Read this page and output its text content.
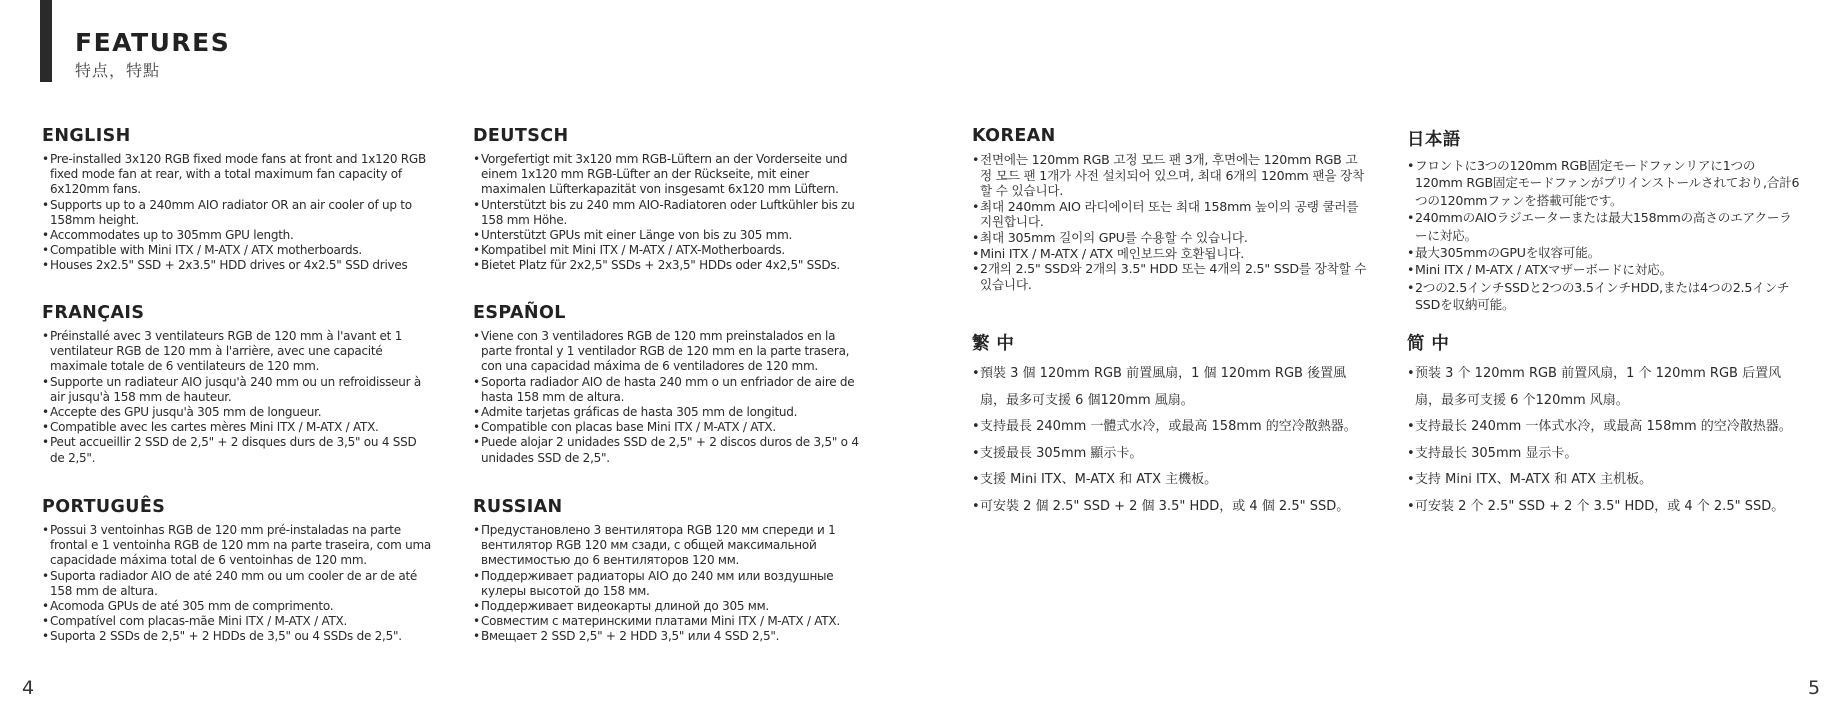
FEATURES
特点，特點
ENGLISH
• Pre-installed 3x120 RGB fixed mode fans at front and 1x120 RGB fixed mode fan at rear, with a total maximum fan capacity of 6x120mm fans.
• Supports up to a 240mm AIO radiator OR an air cooler of up to 158mm height.
• Accommodates up to 305mm GPU length.
• Compatible with Mini ITX / M-ATX / ATX motherboards.
• Houses 2x2.5" SSD + 2x3.5" HDD drives or 4x2.5" SSD drives
DEUTSCH
• Vorgefertigt mit 3x120 mm RGB-Lüftern an der Vorderseite und einem 1x120 mm RGB-Lüfter an der Rückseite, mit einer maximalen Lüfterkapazität von insgesamt 6x120 mm Lüftern.
• Unterstützt bis zu 240 mm AIO-Radiatoren oder Luftkühler bis zu 158 mm Höhe.
• Unterstützt GPUs mit einer Länge von bis zu 305 mm.
• Kompatibel mit Mini ITX / M-ATX / ATX-Motherboards.
• Bietet Platz für 2x2,5" SSDs + 2x3,5" HDDs oder 4x2,5" SSDs.
FRANÇAIS
• Préinstallé avec 3 ventilateurs RGB de 120 mm à l'avant et 1 ventilateur RGB de 120 mm à l'arrière, avec une capacité maximale totale de 6 ventilateurs de 120 mm.
• Supporte un radiateur AIO jusqu'à 240 mm ou un refroidisseur à air jusqu'à 158 mm de hauteur.
• Accepte des GPU jusqu'à 305 mm de longueur.
• Compatible avec les cartes mères Mini ITX / M-ATX / ATX.
• Peut accueillir 2 SSD de 2,5" + 2 disques durs de 3,5" ou 4 SSD de 2,5".
ESPAÑOL
• Viene con 3 ventiladores RGB de 120 mm preinstalados en la parte frontal y 1 ventilador RGB de 120 mm en la parte trasera, con una capacidad máxima de 6 ventiladores de 120 mm.
• Soporta radiador AIO de hasta 240 mm o un enfriador de aire de hasta 158 mm de altura.
• Admite tarjetas gráficas de hasta 305 mm de longitud.
• Compatible con placas base Mini ITX / M-ATX / ATX.
• Puede alojar 2 unidades SSD de 2,5" + 2 discos duros de 3,5" o 4 unidades SSD de 2,5".
PORTUGUÊS
• Possui 3 ventoinhas RGB de 120 mm pré-instaladas na parte frontal e 1 ventoinha RGB de 120 mm na parte traseira, com uma capacidade máxima total de 6 ventoinhas de 120 mm.
• Suporta radiador AIO de até 240 mm ou um cooler de ar de até 158 mm de altura.
• Acomoda GPUs de até 305 mm de comprimento.
• Compatível com placas-mãe Mini ITX / M-ATX / ATX.
• Suporta 2 SSDs de 2,5" + 2 HDDs de 3,5" ou 4 SSDs de 2,5".
RUSSIAN
• Предустановлено 3 вентилятора RGB 120 мм спереди и 1 вентилятор RGB 120 мм сзади, с общей максимальной вместимостью до 6 вентиляторов 120 мм.
• Поддерживает радиаторы AIO до 240 мм или воздушные кулеры высотой до 158 мм.
• Поддерживает видеокарты длиной до 305 мм.
• Совместим с материнскими платами Mini ITX / M-ATX / ATX.
• Вмещает 2 SSD 2,5" + 2 HDD 3,5" или 4 SSD 2,5".
KOREAN
• 전면에는 120mm RGB 고정 모드 팬 3개, 후면에는 120mm RGB 고정 모드 팬 1개가 사전 설치되어 있으며, 최대 6개의 120mm 팬을 장착할 수 있습니다.
• 최대 240mm AIO 라디에이터 또는 최대 158mm 높이의 공랭 쿨러를 지원합니다.
• 최대 305mm 길이의 GPU를 수용할 수 있습니다.
• Mini ITX / M-ATX / ATX 메인보드와 호환됩니다.
• 2개의 2.5" SSD와 2개의 3.5" HDD 또는 4개의 2.5" SSD를 장착할 수 있습니다.
日本語
• フロントに3つの120mm RGB固定モードファンリアに1つの120mm RGB固定モードファンがプリインストールされており,合計6つの120mmファンを搭載可能です。
• 240mmのAIOラジエーターまたは最大158mmの高さのエアクーラーに対応。
• 最大305mmのGPUを収容可能。
• Mini ITX / M-ATX / ATXマザーボードに対応。
• 2つの2.5インチSSDと2つの3.5インチHDD,または4つの2.5インチSSDを収納可能。
繁 中
• 預裝 3 個 120mm RGB 前置風扇，1 個 120mm RGB 後置風扇，最多可支援 6 個120mm 風扇。
• 支持最長 240mm 一體式水冷，或最高 158mm 的空冷散熱器。
• 支援最長 305mm 顯示卡。
• 支援 Mini ITX、M-ATX 和 ATX 主機板。
• 可安裝 2 個 2.5" SSD + 2 個 3.5" HDD，或 4 個 2.5" SSD。
简 中
• 预装 3 个 120mm RGB 前置风扇，1 个 120mm RGB 后置风扇，最多可支援 6 个120mm 风扇。
• 支持最长 240mm 一体式水冷，或最高 158mm 的空冷散热器。
• 支持最长 305mm 显示卡。
• 支持 Mini ITX、M-ATX 和 ATX 主机板。
• 可安装 2 个 2.5" SSD + 2 个 3.5" HDD，或 4 个 2.5" SSD。
4	5
